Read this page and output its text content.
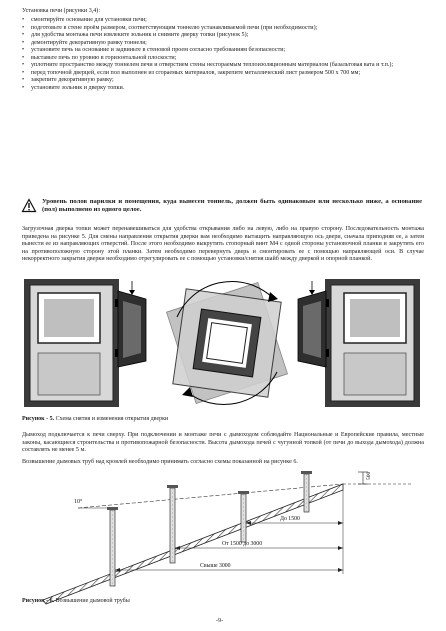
Установка печи (рисунки 3,4):
• смонтируйте основание для установки печи;
• подготовьте в стене проём размером, соответствующим тоннелю устанавливаемой печи (при необходимости);
• для удобства монтажа печи извлеките зольник и снимите дверку топки (рисунок 5);
• демонтируйте декоративную рамку тоннеля;
• установите печь на основание и задвиньте в стеновой проем согласно требованиям безопасности;
• выставьте печь по уровню в горизонтальной плоскости;
• уплотните пространство между тоннелем печи и отверстием стены несгораемым теплоизоляционным материалом (базальтовая вата и т.п.);
• перед топочной дверцей, если пол выполнен из сгораемых материалов, закрепите металлический лист размером 500 х 700 мм;
• закрепите декоративную рамку;
• установите зольник и дверку топки.
Уровень полов парилки и помещения, куда вынесен тоннель, должен быть одинаковым или несколько ниже, а основание (пол) выполнено из одного целое.
Загрузочная дверка топки может перенавешиваться для удобства открывания либо на левую, либо на правую сторону. Последовательность монтажа приведена на рисунке 5. Для смены направления открытия дверки вам необходимо вытащить направляющую ось двери, сначала приподняв ее, а затем вынести ее из направляющих отверстий. После этого необходимо выкрутить стопорный винт М4 с одной стороны установочной планки и закрутить его на противоположную сторону этой планки. Затем необходимо перевернуть дверь и смонтировать ее с помощью направляющей оси. В случае некорректного закрытия дверки необходимо отрегулировать ее с помощью установки/снятия шайб между дверкой и опорной планкой.
Рисунок - 5. Схема снятия и изменения открытия дверки
Дымоход подключается к печи сверху. При подключении и монтаже печи с дымоходом соблюдайте Национальные и Европейские правила, местные законы, касающиеся строительства и противопожарной безопасности. Высота дымохода печей с чугунной топкой (от печи до выхода дымохода) должна составлять не менее 5 м.
Возвышение дымовых труб над кровлей необходимо принимать согласно схемы показанной на рисунке 6.
10°
500
До 1500
От 1500 до 3000
Свыше 3000
Рисунок - 6. Возвышение дымовой трубы
-9-
